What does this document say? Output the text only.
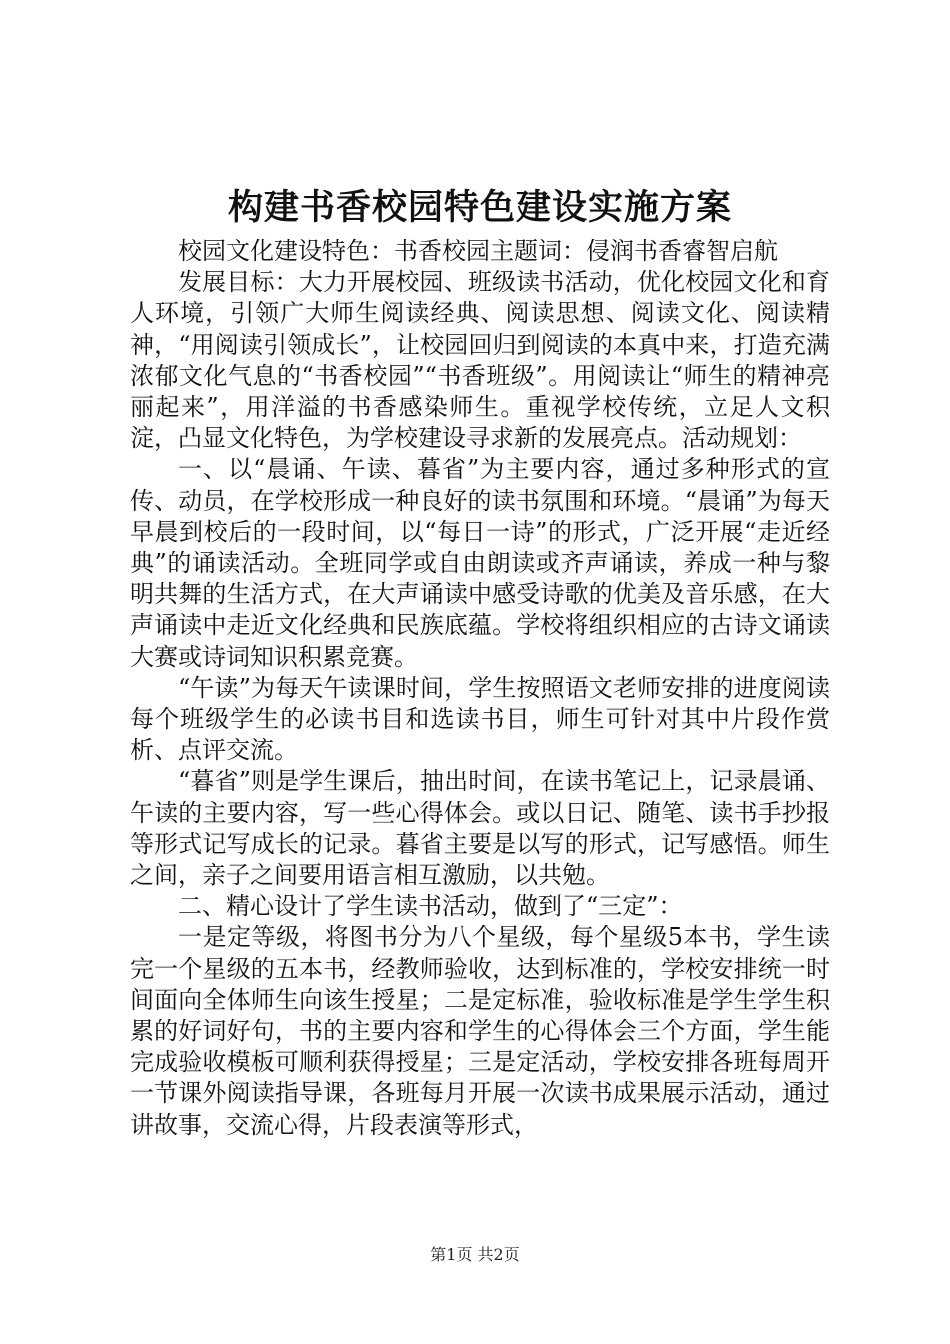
构建书香校园特色建设实施方案

校园文化建设特色：书香校园主题词：侵润书香睿智启航

发展目标：大力开展校园、班级读书活动，优化校园文化和育人环境，引领广大师生阅读经典、阅读思想、阅读文化、阅读精神，“用阅读引领成长”，让校园回归到阅读的本真中来，打造充满浓郁文化气息的“书香校园”“书香班级”。用阅读让“师生的精神亮丽起来”，用洋溢的书香感染师生。重视学校传统，立足人文积淀，凸显文化特色，为学校建设寻求新的发展亮点。活动规划：

一、以“晨诵、午读、暮省”为主要内容，通过多种形式的宣传、动员，在学校形成一种良好的读书氛围和环境。“晨诵”为每天早晨到校后的一段时间，以“每日一诗”的形式，广泛开展“走近经典”的诵读活动。全班同学或自由朗读或齐声诵读，养成一种与黎明共舞的生活方式，在大声诵读中感受诗歌的优美及音乐感，在大声诵读中走近文化经典和民族底蕴。学校将组织相应的古诗文诵读大赛或诗词知识积累竞赛。

“午读”为每天午读课时间，学生按照语文老师安排的进度阅读每个班级学生的必读书目和选读书目，师生可针对其中片段作赏析、点评交流。

“暮省”则是学生课后，抽出时间，在读书笔记上，记录晨诵、午读的主要内容，写一些心得体会。或以日记、随笔、读书手抄报等形式记写成长的记录。暮省主要是以写的形式，记写感悟。师生之间，亲子之间要用语言相互激励，以共勉。

二、精心设计了学生读书活动，做到了“三定”：

一是定等级，将图书分为八个星级，每个星级5本书，学生读完一个星级的五本书，经教师验收，达到标准的，学校安排统一时间面向全体师生向该生授星；二是定标准，验收标准是学生学生积累的好词好句，书的主要内容和学生的心得体会三个方面，学生能完成验收模板可顺利获得授星；三是定活动，学校安排各班每周开一节课外阅读指导课，各班每月开展一次读书成果展示活动，通过讲故事，交流心得，片段表演等形式，

第1页 共2页
